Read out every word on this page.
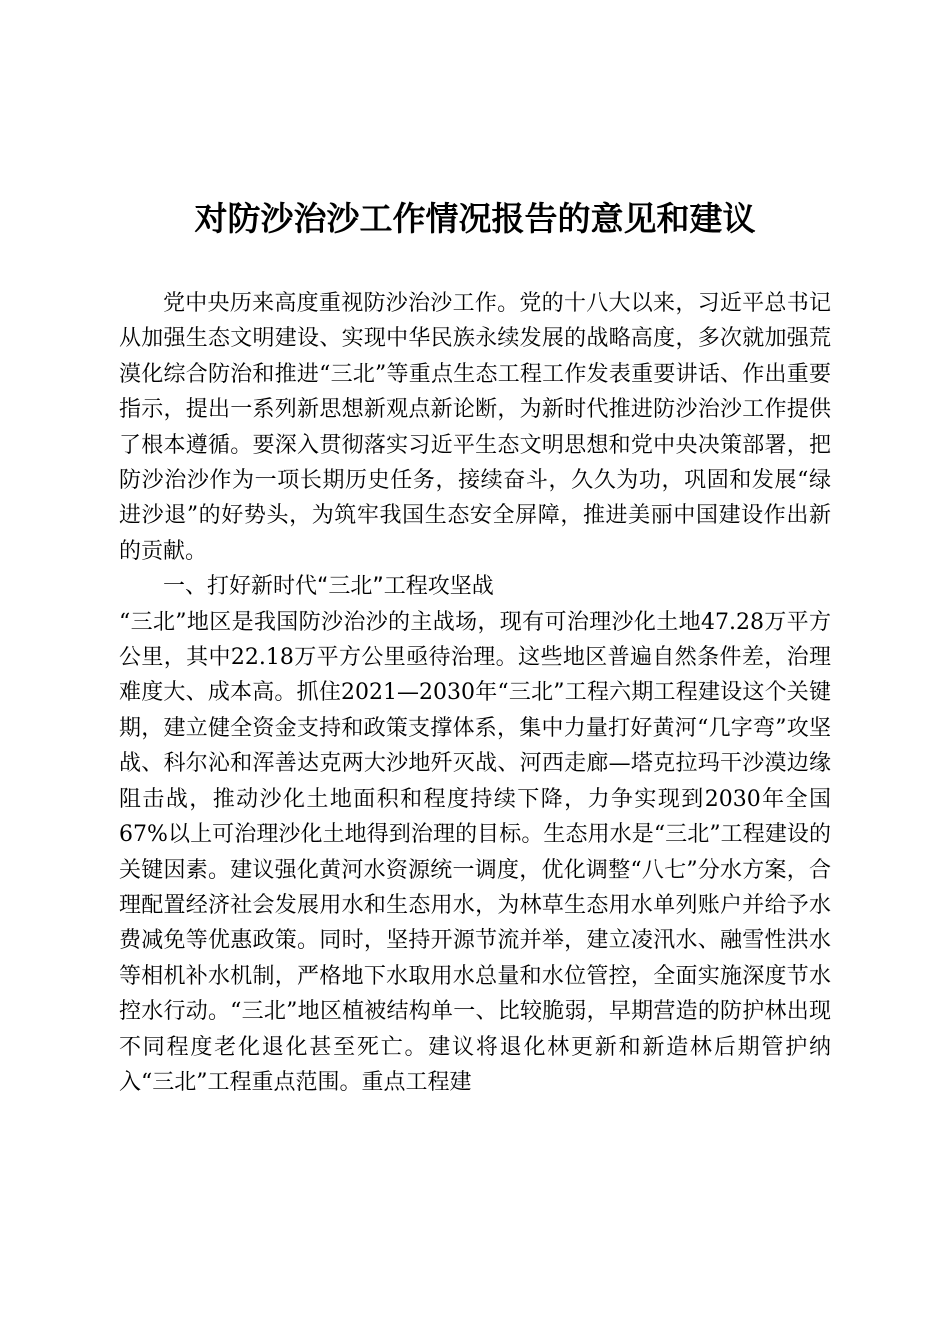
对防沙治沙工作情况报告的意见和建议

党中央历来高度重视防沙治沙工作。党的十八大以来，习近平总书记从加强生态文明建设、实现中华民族永续发展的战略高度，多次就加强荒漠化综合防治和推进“三北”等重点生态工程工作发表重要讲话、作出重要指示，提出一系列新思想新观点新论断，为新时代推进防沙治沙工作提供了根本遵循。要深入贯彻落实习近平生态文明思想和党中央决策部署，把防沙治沙作为一项长期历史任务，接续奋斗，久久为功，巩固和发展“绿进沙退”的好势头，为筑牢我国生态安全屏障，推进美丽中国建设作出新的贡献。

一、打好新时代“三北”工程攻坚战

“三北”地区是我国防沙治沙的主战场，现有可治理沙化土地47.28万平方公里，其中22.18万平方公里亟待治理。这些地区普遍自然条件差，治理难度大、成本高。抓住2021—2030年“三北”工程六期工程建设这个关键期，建立健全资金支持和政策支撑体系，集中力量打好黄河“几字弯”攻坚战、科尔沁和浑善达克两大沙地歼灭战、河西走廊—塔克拉玛干沙漠边缘阻击战，推动沙化土地面积和程度持续下降，力争实现到2030年全国67%以上可治理沙化土地得到治理的目标。生态用水是“三北”工程建设的关键因素。建议强化黄河水资源统一调度，优化调整“八七”分水方案，合理配置经济社会发展用水和生态用水，为林草生态用水单列账户并给予水费减免等优惠政策。同时，坚持开源节流并举，建立凌汛水、融雪性洪水等相机补水机制，严格地下水取用水总量和水位管控，全面实施深度节水控水行动。“三北”地区植被结构单一、比较脆弱，早期营造的防护林出现不同程度老化退化甚至死亡。建议将退化林更新和新造林后期管护纳入“三北”工程重点范围。重点工程建
